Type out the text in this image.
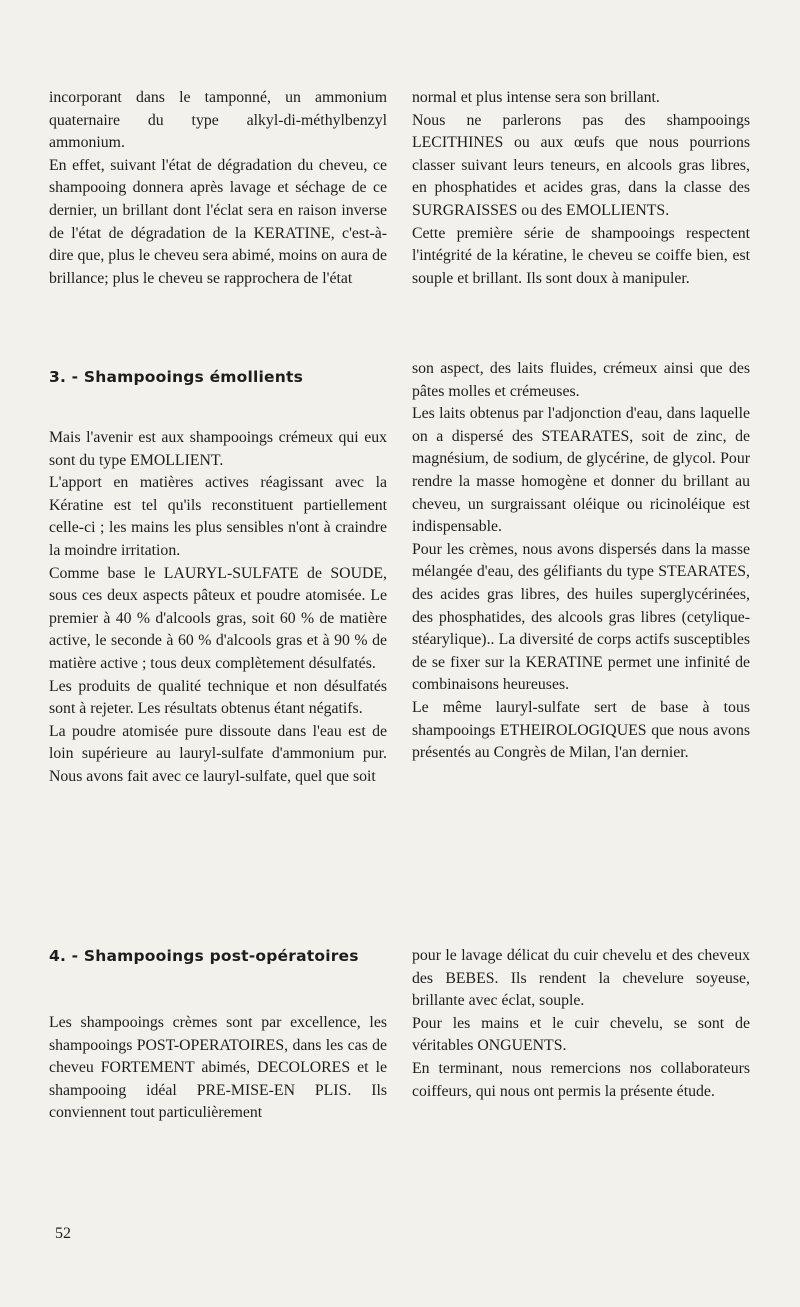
incorporant dans le tamponné, un ammonium quaternaire du type alkyl-di-méthylbenzyl ammonium.

En effet, suivant l'état de dégradation du cheveu, ce shampooing donnera après lavage et séchage de ce dernier, un brillant dont l'éclat sera en raison inverse de l'état de dégradation de la KERATINE, c'est-à-dire que, plus le cheveu sera abimé, moins on aura de brillance; plus le cheveu se rapprochera de l'état

3. - Shampooings émollients

Mais l'avenir est aux shampooings crémeux qui eux sont du type EMOLLIENT.

L'apport en matières actives réagissant avec la Kératine est tel qu'ils reconstituent partiellement celle-ci ; les mains les plus sensibles n'ont à craindre la moindre irritation.

Comme base le LAURYL-SULFATE de SOUDE, sous ces deux aspects pâteux et poudre atomisée. Le premier à 40 % d'alcools gras, soit 60 % de matière active, le seconde à 60 % d'alcools gras et à 90 % de matière active ; tous deux complètement désulfatés.

Les produits de qualité technique et non désulfatés sont à rejeter. Les résultats obtenus étant négatifs.

La poudre atomisée pure dissoute dans l'eau est de loin supérieure au lauryl-sulfate d'ammonium pur. Nous avons fait avec ce lauryl-sulfate, quel que soit

4. - Shampooings post-opératoires

Les shampooings crèmes sont par excellence, les shampooings POST-OPERATOIRES, dans les cas de cheveu FORTEMENT abimés, DECOLORES et le shampooing idéal PRE-MISE-EN PLIS. Ils conviennent tout particulièrement

normal et plus intense sera son brillant.

Nous ne parlerons pas des shampooings LECITHINES ou aux œufs que nous pourrions classer suivant leurs teneurs, en alcools gras libres, en phosphatides et acides gras, dans la classe des SURGRAISSES ou des EMOLLIENTS.

Cette première série de shampooings respectent l'intégrité de la kératine, le cheveu se coiffe bien, est souple et brillant. Ils sont doux à manipuler.

son aspect, des laits fluides, crémeux ainsi que des pâtes molles et crémeuses.

Les laits obtenus par l'adjonction d'eau, dans laquelle on a dispersé des STEARATES, soit de zinc, de magnésium, de sodium, de glycérine, de glycol. Pour rendre la masse homogène et donner du brillant au cheveu, un surgraissant oléique ou ricinoléique est indispensable.

Pour les crèmes, nous avons dispersés dans la masse mélangée d'eau, des gélifiants du type STEARATES, des acides gras libres, des huiles superglycérinées, des phosphatides, des alcools gras libres (cetylique-stéarylique).. La diversité de corps actifs susceptibles de se fixer sur la KERATINE permet une infinité de combinaisons heureuses.

Le même lauryl-sulfate sert de base à tous shampooings ETHEIROLOGIQUES que nous avons présentés au Congrès de Milan, l'an dernier.

pour le lavage délicat du cuir chevelu et des cheveux des BEBES. Ils rendent la chevelure soyeuse, brillante avec éclat, souple.

Pour les mains et le cuir chevelu, se sont de véritables ONGUENTS.

En terminant, nous remercions nos collaborateurs coiffeurs, qui nous ont permis la présente étude.

52
